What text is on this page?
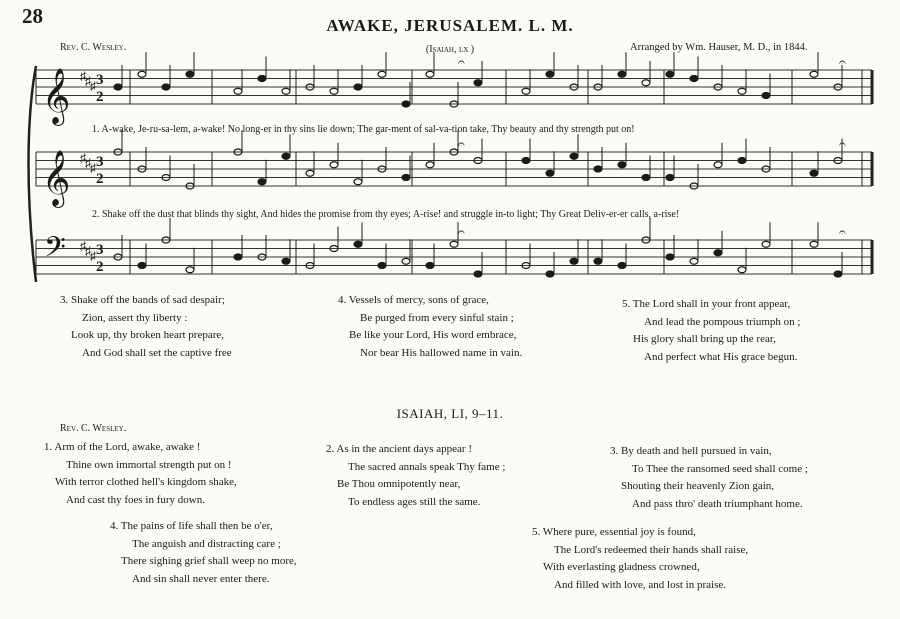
28	AWAKE, JERUSALEM. L. M.
Rev. C. Wesley.	(Isaiah, lx )	Arranged by Wm. Hauser, M. D., in 1844.
♯ ♯ ♯ 3
2
𝄐	𝄐
♯ ♯ ♯ 3
2
𝄐	𝄐
♯ ♯ ♯ 3
2
𝄐	𝄐
𝄞
𝄞
𝄢
1. A-wake, Je-ru-sa-lem, a-wake! No long-er in thy sins lie down; The gar-ment of sal-va-tion take, Thy beauty and thy strength put on!
2. Shake off the dust that blinds thy sight, And hides the promise from thy eyes; A-rise! and struggle in-to light; Thy Great Deliv-er-er calls, a-rise!
3. Shake off the bands of sad despair;
Zion, assert thy liberty :
Look up, thy broken heart prepare,
And God shall set the captive free
4. Vessels of mercy, sons of grace,
Be purged from every sinful stain ;
Be like your Lord, His word embrace,
Nor bear His hallowed name in vain.
5. The Lord shall in your front appear,
And lead the pompous triumph on ;
His glory shall bring up the rear,
And perfect what His grace begun.
ISAIAH, LI, 9–11.
Rev. C. Wesley.
1. Arm of the Lord, awake, awake !
Thine own immortal strength put on !
With terror clothed hell's kingdom shake,
And cast thy foes in fury down.
2. As in the ancient days appear !
The sacred annals speak Thy fame ;
Be Thou omnipotently near,
To endless ages still the same.
3. By death and hell pursued in vain,
To Thee the ransomed seed shall come ;
Shouting their heavenly Zion gain,
And pass thro' death triumphant home.
4. The pains of life shall then be o'er,
The anguish and distracting care ;
There sighing grief shall weep no more,
And sin shall never enter there.
5. Where pure, essential joy is found,
The Lord's redeemed their hands shall raise,
With everlasting gladness crowned,
And filled with love, and lost in praise.
